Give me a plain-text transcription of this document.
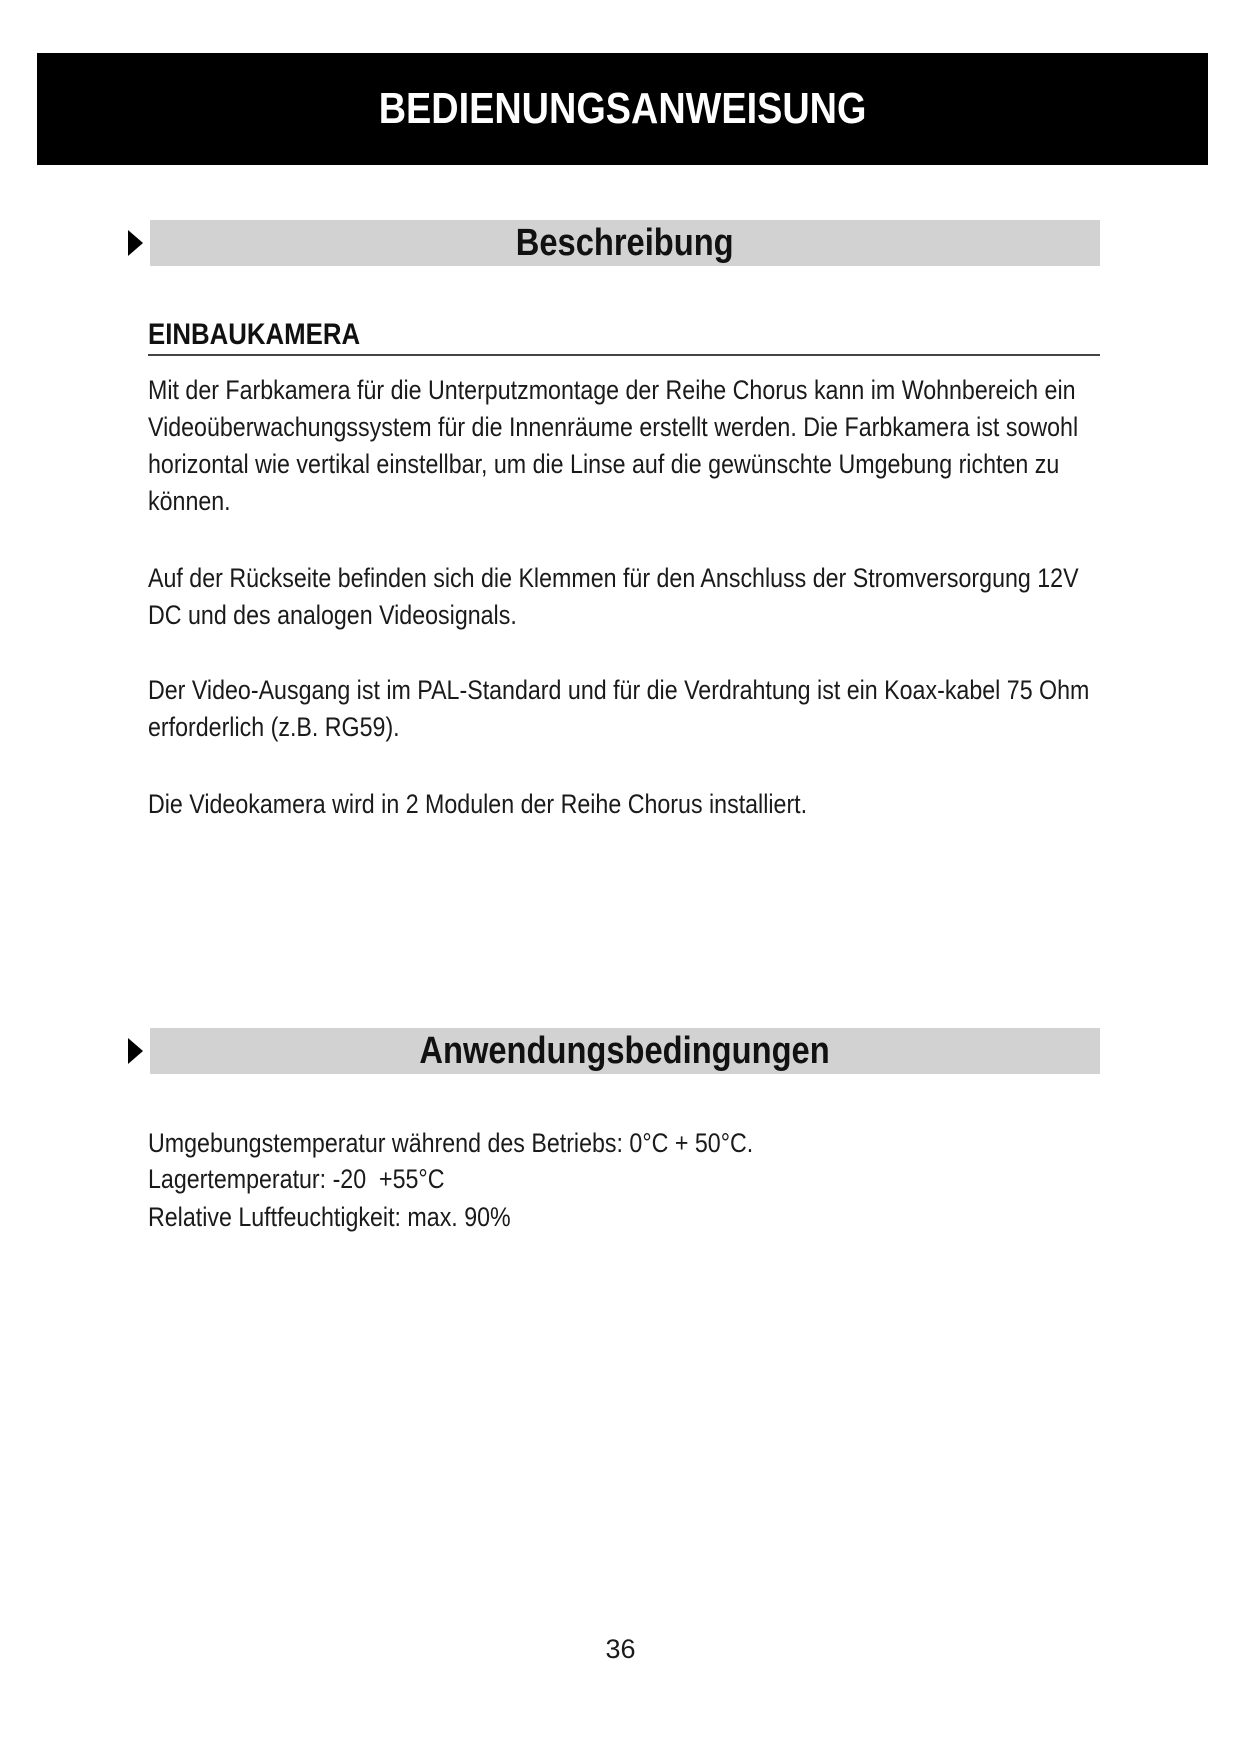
BEDIENUNGSANWEISUNG
Beschreibung
EINBAUKAMERA

Mit der Farbkamera für die Unterputzmontage der Reihe Chorus kann im Wohnbereich ein Videoüberwachungssystem für die Innenräume erstellt werden. Die Farbkamera ist sowohl horizontal wie vertikal einstellbar, um die Linse auf die gewünschte Umgebung richten zu können.

Auf der Rückseite befinden sich die Klemmen für den Anschluss der Stromversorgung 12V DC und des analogen Videosignals.

Der Video-Ausgang ist im PAL-Standard und für die Verdrahtung ist ein Koax-kabel 75 Ohm erforderlich (z.B. RG59).

Die Videokamera wird in 2 Modulen der Reihe Chorus installiert.

Anwendungsbedingungen

Umgebungstemperatur während des Betriebs: 0°C + 50°C.

Lagertemperatur: -20  +55°C

Relative Luftfeuchtigkeit: max. 90%

36
